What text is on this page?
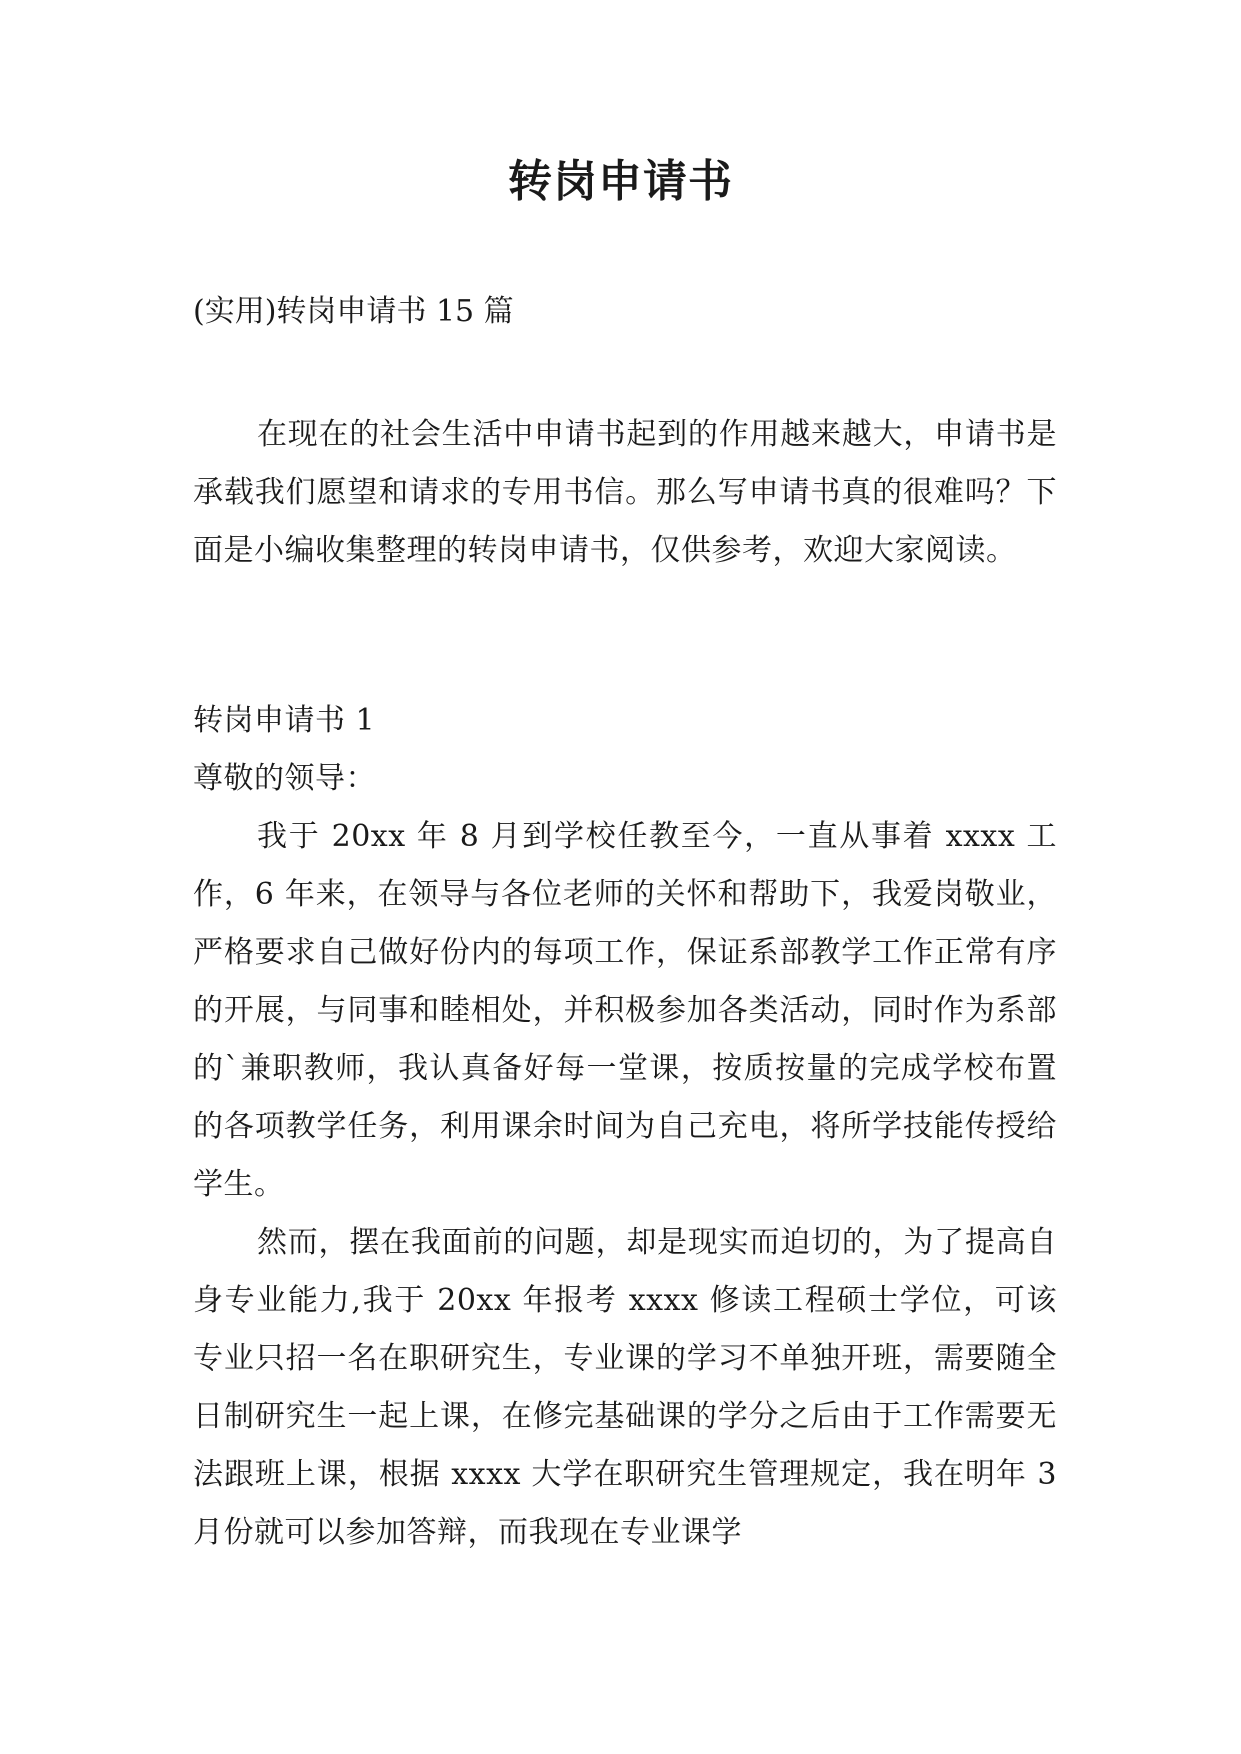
转岗申请书
(实用)转岗申请书 15 篇

在现在的社会生活中申请书起到的作用越来越大，申请书是承载我们愿望和请求的专用书信。那么写申请书真的很难吗？下面是小编收集整理的转岗申请书，仅供参考，欢迎大家阅读。

转岗申请书 1

尊敬的领导：

我于 20xx 年 8 月到学校任教至今，一直从事着 xxxx 工作，6 年来，在领导与各位老师的关怀和帮助下，我爱岗敬业，严格要求自己做好份内的每项工作，保证系部教学工作正常有序的开展，与同事和睦相处，并积极参加各类活动，同时作为系部的`兼职教师，我认真备好每一堂课，按质按量的完成学校布置的各项教学任务，利用课余时间为自己充电，将所学技能传授给学生。

然而，摆在我面前的问题，却是现实而迫切的，为了提高自身专业能力,我于 20xx 年报考 xxxx 修读工程硕士学位，可该专业只招一名在职研究生，专业课的学习不单独开班，需要随全日制研究生一起上课，在修完基础课的学分之后由于工作需要无法跟班上课，根据 xxxx 大学在职研究生管理规定，我在明年 3 月份就可以参加答辩，而我现在专业课学
